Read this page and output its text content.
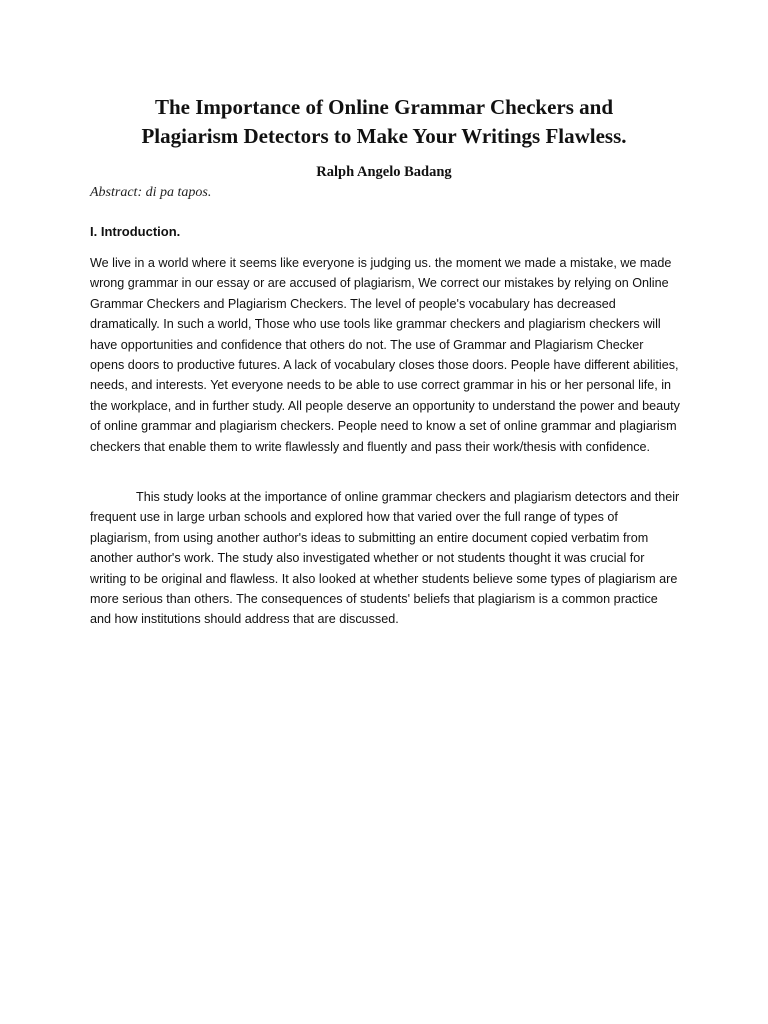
The Importance of Online Grammar Checkers and
Plagiarism Detectors to Make Your Writings Flawless.

Ralph Angelo Badang

Abstract: di pa tapos.

I. Introduction.

We live in a world where it seems like everyone is judging us. the moment we made a mistake, we made wrong grammar in our essay or are accused of plagiarism, We correct our mistakes by relying on Online Grammar Checkers and Plagiarism Checkers. The level of people's vocabulary has decreased dramatically. In such a world, Those who use tools like grammar checkers and plagiarism checkers will have opportunities and confidence that others do not. The use of Grammar and Plagiarism Checker opens doors to productive futures. A lack of vocabulary closes those doors. People have different abilities, needs, and interests. Yet everyone needs to be able to use correct grammar in his or her personal life, in the workplace, and in further study. All people deserve an opportunity to understand the power and beauty of online grammar and plagiarism checkers. People need to know a set of online grammar and plagiarism checkers that enable them to write flawlessly and fluently and pass their work/thesis with confidence.

This study looks at the importance of online grammar checkers and plagiarism detectors and their frequent use in large urban schools and explored how that varied over the full range of types of plagiarism, from using another author's ideas to submitting an entire document copied verbatim from another author's work. The study also investigated whether or not students thought it was crucial for writing to be original and flawless. It also looked at whether students believe some types of plagiarism are more serious than others. The consequences of students' beliefs that plagiarism is a common practice and how institutions should address that are discussed.
